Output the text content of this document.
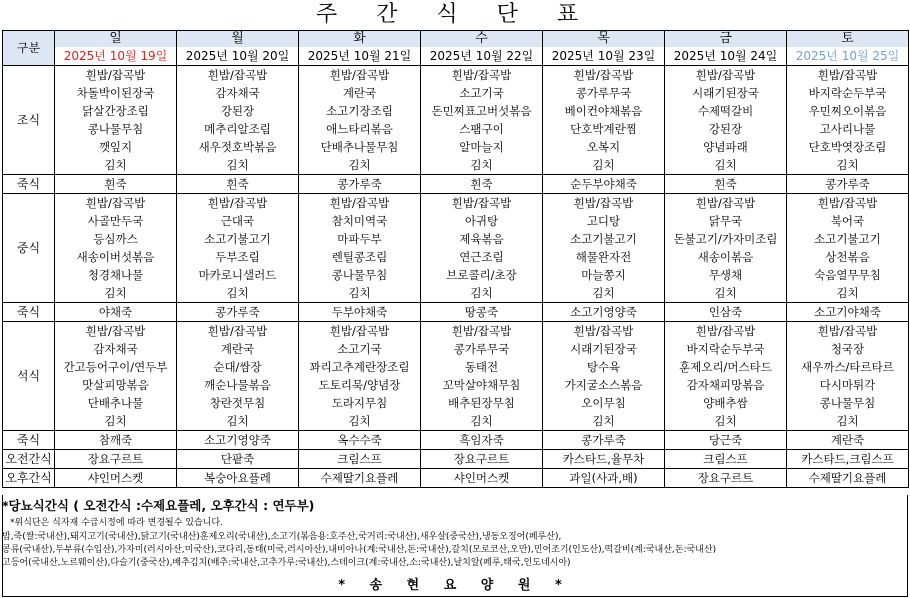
주 간 식 단 표
구분	일	월	화	수	목	금	토
	2025년 10월 19일	2025년 10월 20일	2025년 10월 21일	2025년 10월 22일	2025년 10월 23일	2025년 10월 24일	2025년 10월 25일
조식	흰밥/잡곡밥	흰밥/잡곡밥	흰밥/잡곡밥	흰밥/잡곡밥	흰밥/잡곡밥	흰밥/잡곡밥	흰밥/잡곡밥
	차돌박이된장국	감자채국	계란국	소고기국	콩가루무국	시래기된장국	바지락순두부국
	닭살간장조림	강된장	소고기장조림	돈민찌표고버섯볶음	베이컨야채볶음	수제떡갈비	우민찌오이볶음
	콩나물무침	메추리알조림	애느타리볶음	스팸구이	단호박계란찜	강된장	고사리나물
	깻잎지	새우젓호박볶음	단배추나물무침	알마늘지	오복지	양념파래	단호박엿장조림
	김치	김치	김치	김치	김치	김치	김치
죽식	흰죽	흰죽	콩가루죽	흰죽	순두부야채죽	흰죽	콩가루죽
중식	흰밥/잡곡밥	흰밥/잡곡밥	흰밥/잡곡밥	흰밥/잡곡밥	흰밥/잡곡밥	흰밥/잡곡밥	흰밥/잡곡밥
	사골만두국	근대국	참치미역국	아귀탕	고디탕	닭무국	북어국
	등심까스	소고기불고기	마파두부	제육볶음	소고기불고기	돈불고기/가자미조림	소고기불고기
	새송이버섯볶음	두부조림	렌틸콩조림	연근조림	해물완자전	새송이볶음	상천볶음
	청경채나물	마카로니샐러드	콩나물무침	브로콜리/초장	마늘쫑지	무생채	숙음열무무침
	김치	김치	김치	김치	김치	김치	김치
죽식	야채죽	콩가루죽	두부야채죽	땅콩죽	소고기영양죽	인삼죽	소고기야채죽
석식	흰밥/잡곡밥	흰밥/잡곡밥	흰밥/잡곡밥	흰밥/잡곡밥	흰밥/잡곡밥	흰밥/잡곡밥	흰밥/잡곡밥
	감자채국	계란국	소고기국	콩가루무국	시래기된장국	바지락순두부국	청국장
	간고등어구이/연두부	순대/쌈장	꽈리고추계란장조림	동태전	탕수육	훈제오리/머스타드	새우까스/타르타르
	맛살피망볶음	깨순나물볶음	도토리묵/양념장	꼬막살야채무침	가지굴소스볶음	감자채피망볶음	다시마튀각
	단배추나물	창란젓무침	도라지무침	배추된장무침	오이무침	양배추쌈	콩나물무침
	김치	김치	김치	김치	김치	김치	김치
죽식	참깨죽	소고기영양죽	옥수수죽	흑임자죽	콩가루죽	당근죽	계란죽
오전간식	장요구르트	단팥죽	크림스프	장요구르트	카스타드,율무차	크림스프	카스타드,크림스프
오후간식	샤인머스켓	복숭아요플레	수제딸기요플레	샤인머스켓	과일(사과,배)	장요구르트	수제딸기요플레
*당뇨식간식 ( 오전간식 :수제요플레, 오후간식 : 연두부)
*위식단은 식자재 수급시정에 따라 변경될수 있습니다.
밥,죽(쌀:국내산),돼지고기(국내산),닭고기(국내산)훈제오리(국내산),소고기(볶음용:호주산,국거리:국내산),새우살(중국산),냉동오징어(페루산),
콩류(국내산),두부류(수입산),가자미(러시아산,미국산),코다리,동태(미국,러시아산),내비아나(계:국내산,돈:국내산),갈치(모로코산,오만),민어조기(인도산),떡갈비(계:국내산,돈:국내산)
고등어(국내산,노르웨이산),다슬기(중국산),배추김치(배추:국내산,고추가루:국내산),스테이크(계:국내산,소:국내산),날치알(페루,태국,인도네시아)
* 송 현 요 양 원 *
